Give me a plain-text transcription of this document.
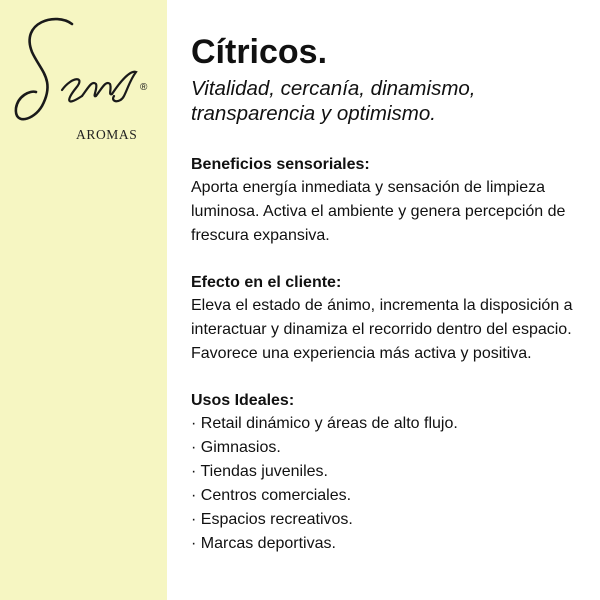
®
AROMAS
Cítricos.

Vitalidad, cercanía, dinamismo, transparencia y optimismo.

Beneficios sensoriales:

Aporta energía inmediata y sensación de limpieza luminosa. Activa el ambiente y genera percepción de frescura expansiva.

Efecto en el cliente:

Eleva el estado de ánimo, incrementa la disposición a interactuar y dinamiza el recorrido dentro del espacio. Favorece una experiencia más activa y positiva.

Usos Ideales:

· Retail dinámico y áreas de alto flujo.
· Gimnasios.
· Tiendas juveniles.
· Centros comerciales.
· Espacios recreativos.
· Marcas deportivas.
